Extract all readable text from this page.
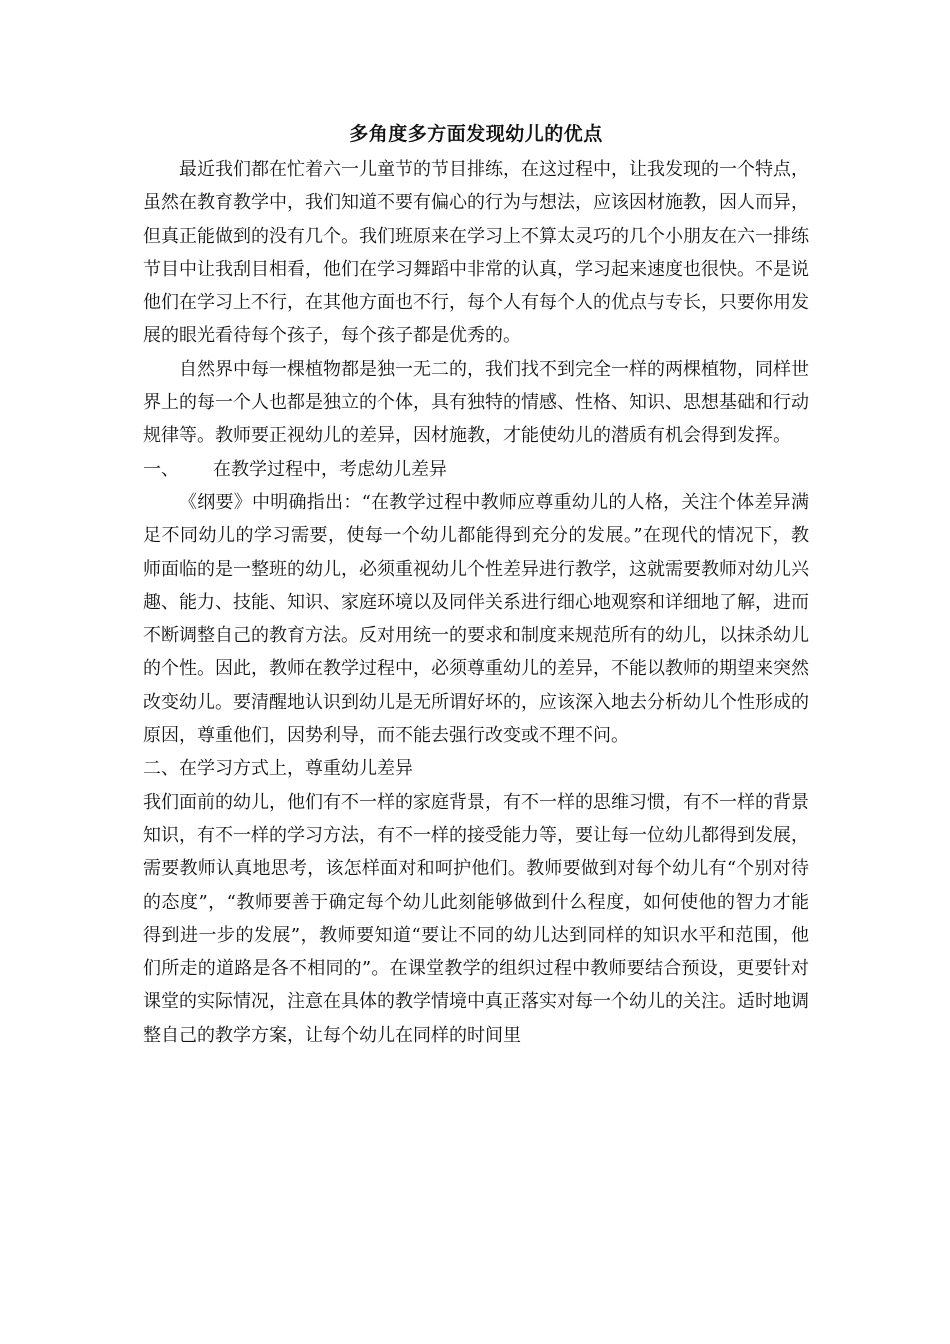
多角度多方面发现幼儿的优点

最近我们都在忙着六一儿童节的节目排练，在这过程中，让我发现的一个特点，虽然在教育教学中，我们知道不要有偏心的行为与想法，应该因材施教，因人而异，但真正能做到的没有几个。我们班原来在学习上不算太灵巧的几个小朋友在六一排练节目中让我刮目相看，他们在学习舞蹈中非常的认真，学习起来速度也很快。不是说他们在学习上不行，在其他方面也不行，每个人有每个人的优点与专长，只要你用发展的眼光看待每个孩子，每个孩子都是优秀的。

自然界中每一棵植物都是独一无二的，我们找不到完全一样的两棵植物，同样世界上的每一个人也都是独立的个体，具有独特的情感、性格、知识、思想基础和行动规律等。教师要正视幼儿的差异，因材施教，才能使幼儿的潜质有机会得到发挥。

一、 在教学过程中，考虑幼儿差异

《纲要》中明确指出：“在教学过程中教师应尊重幼儿的人格，关注个体差异满足不同幼儿的学习需要，使每一个幼儿都能得到充分的发展。”在现代的情况下，教师面临的是一整班的幼儿，必须重视幼儿个性差异进行教学，这就需要教师对幼儿兴趣、能力、技能、知识、家庭环境以及同伴关系进行细心地观察和详细地了解，进而不断调整自己的教育方法。反对用统一的要求和制度来规范所有的幼儿，以抹杀幼儿的个性。因此，教师在教学过程中，必须尊重幼儿的差异，不能以教师的期望来突然改变幼儿。要清醒地认识到幼儿是无所谓好坏的，应该深入地去分析幼儿个性形成的原因，尊重他们，因势利导，而不能去强行改变或不理不问。

二、在学习方式上，尊重幼儿差异

我们面前的幼儿，他们有不一样的家庭背景，有不一样的思维习惯，有不一样的背景知识，有不一样的学习方法，有不一样的接受能力等，要让每一位幼儿都得到发展，需要教师认真地思考，该怎样面对和呵护他们。教师要做到对每个幼儿有“个别对待的态度”，“教师要善于确定每个幼儿此刻能够做到什么程度，如何使他的智力才能得到进一步的发展”，教师要知道“要让不同的幼儿达到同样的知识水平和范围，他们所走的道路是各不相同的”。在课堂教学的组织过程中教师要结合预设，更要针对课堂的实际情况，注意在具体的教学情境中真正落实对每一个幼儿的关注。适时地调整自己的教学方案，让每个幼儿在同样的时间里
